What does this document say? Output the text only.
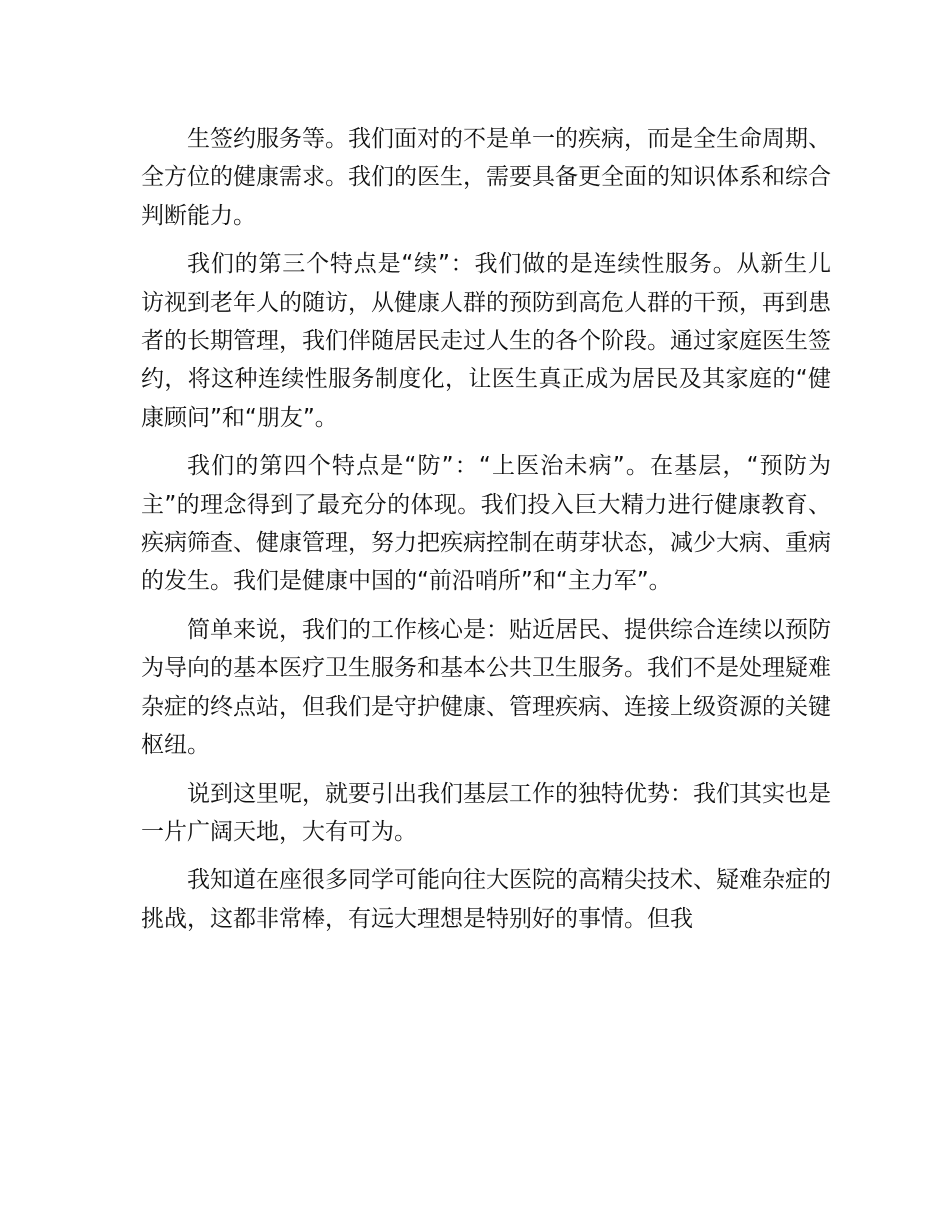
生签约服务等。我们面对的不是单一的疾病，而是全生命周期、全方位的健康需求。我们的医生，需要具备更全面的知识体系和综合判断能力。

我们的第三个特点是“续”：我们做的是连续性服务。从新生儿访视到老年人的随访，从健康人群的预防到高危人群的干预，再到患者的长期管理，我们伴随居民走过人生的各个阶段。通过家庭医生签约，将这种连续性服务制度化，让医生真正成为居民及其家庭的“健康顾问”和“朋友”。

我们的第四个特点是“防”：“上医治未病”。在基层，“预防为主”的理念得到了最充分的体现。我们投入巨大精力进行健康教育、疾病筛查、健康管理，努力把疾病控制在萌芽状态，减少大病、重病的发生。我们是健康中国的“前沿哨所”和“主力军”。

简单来说，我们的工作核心是：贴近居民、提供综合连续以预防为导向的基本医疗卫生服务和基本公共卫生服务。我们不是处理疑难杂症的终点站，但我们是守护健康、管理疾病、连接上级资源的关键枢纽。

说到这里呢，就要引出我们基层工作的独特优势：我们其实也是一片广阔天地，大有可为。

我知道在座很多同学可能向往大医院的高精尖技术、疑难杂症的挑战，这都非常棒，有远大理想是特别好的事情。但我
